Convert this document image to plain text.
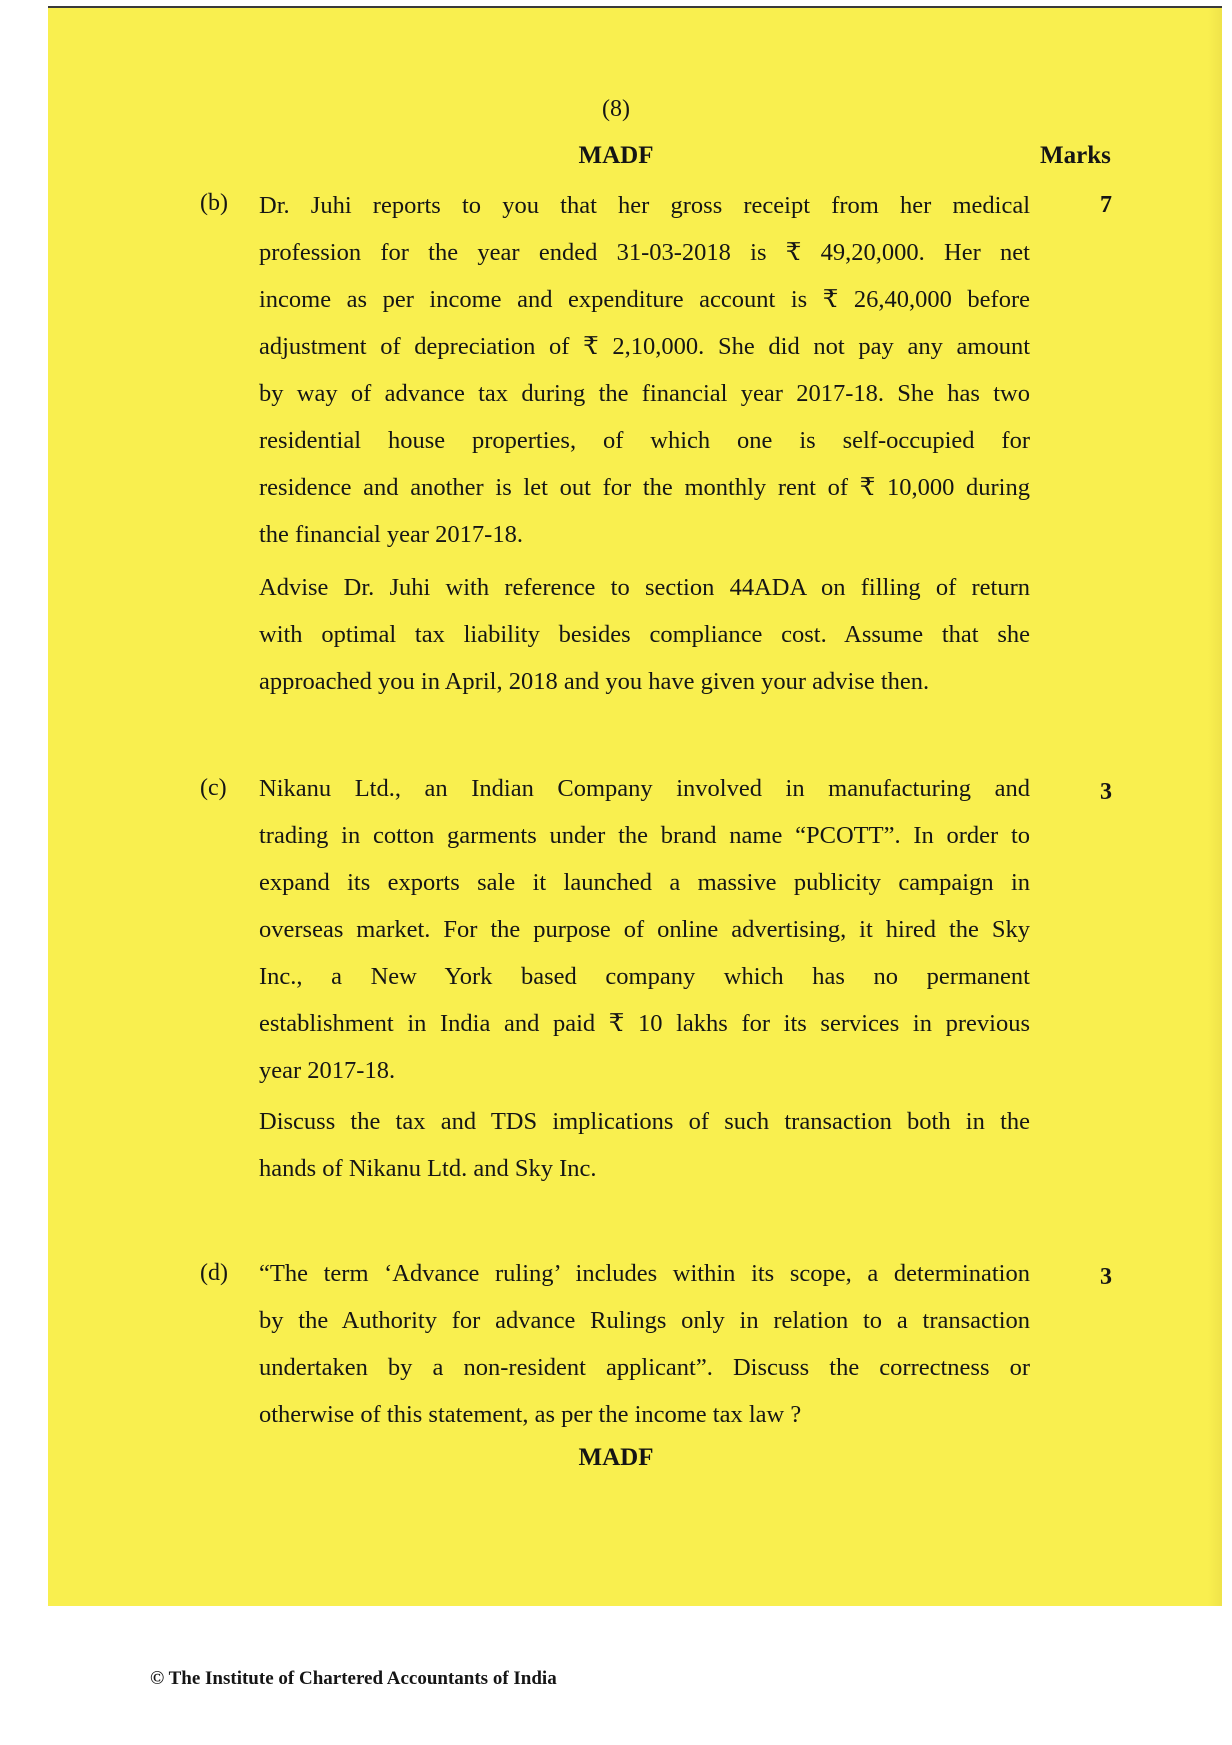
(8)
MADF	Marks
(b)	7
Dr. Juhi reports to you that her gross receipt from her medical
profession for the year ended 31-03-2018 is ₹ 49,20,000. Her net
income as per income and expenditure account is ₹ 26,40,000 before
adjustment of depreciation of ₹ 2,10,000. She did not pay any amount
by way of advance tax during the financial year 2017-18. She has two
residential house properties, of which one is self-occupied for
residence and another is let out for the monthly rent of ₹ 10,000 during
the financial year 2017-18.
Advise Dr. Juhi with reference to section 44ADA on filling of return
with optimal tax liability besides compliance cost. Assume that she
approached you in April, 2018 and you have given your advise then.
(c)	3
Nikanu Ltd., an Indian Company involved in manufacturing and
trading in cotton garments under the brand name “PCOTT”. In order to
expand its exports sale it launched a massive publicity campaign in
overseas market. For the purpose of online advertising, it hired the Sky
Inc., a New York based company which has no permanent
establishment in India and paid ₹ 10 lakhs for its services in previous
year 2017-18.
Discuss the tax and TDS implications of such transaction both in the
hands of Nikanu Ltd. and Sky Inc.
(d)	3
“The term ‘Advance ruling’ includes within its scope, a determination
by the Authority for advance Rulings only in relation to a transaction
undertaken by a non-resident applicant”. Discuss the correctness or
otherwise of this statement, as per the income tax law ?
MADF
© The Institute of Chartered Accountants of India
